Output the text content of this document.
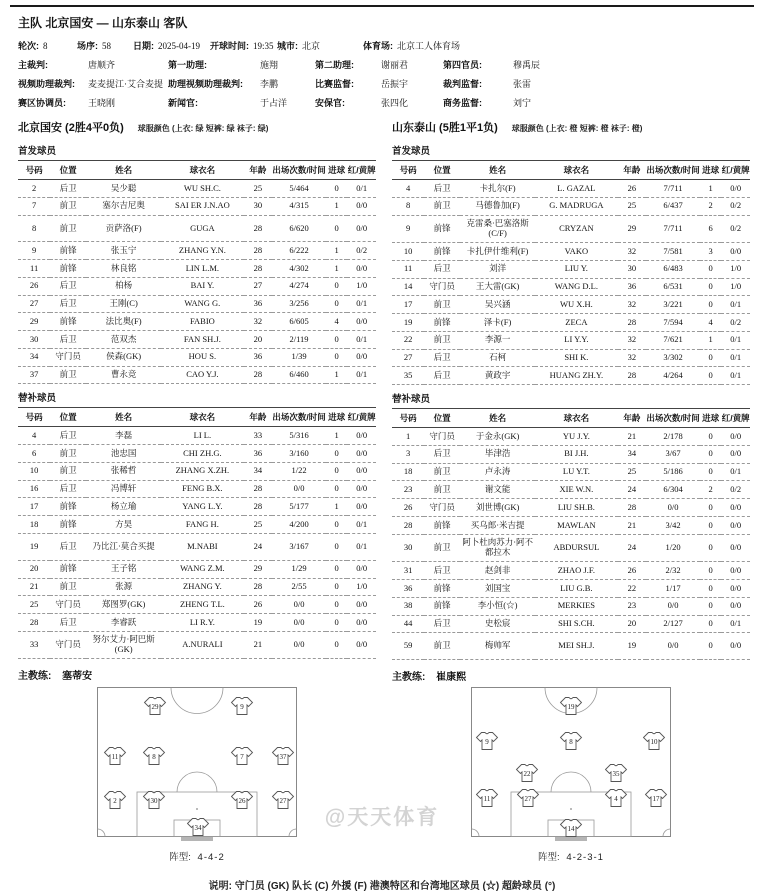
主队 北京国安 — 山东泰山 客队
轮次: 8	场序: 58	日期: 2025-04-19	开球时间: 19:35 城市: 北京	体育场: 北京工人体育场
主裁判:	唐顺齐	第一助理:	施翔	第二助理:	谢丽君	第四官员:	穆禹辰
视频助理裁判:	麦麦提江·艾合麦提 助理视频助理裁判:	李鹏	比赛监督:	岳振宇	裁判监督:	张雷
赛区协调员:	王晓刚	新闻官:	于占洋	安保官:	张四化	商务监督:	刘宁
北京国安 (2胜4平0负) 球服颜色 (上衣: 绿 短裤: 绿 袜子: 绿)	山东泰山 (5胜1平1负) 球服颜色 (上衣: 橙 短裤: 橙 袜子: 橙)
首发球员
号码	位置	姓名	球衣名	年龄	出场次数/时间	进球	红/黄牌
2	后卫	吴少聪	WU SH.C.	25	5/464	0	0/1
7	前卫	塞尔吉尼奥	SAI ER J.N.AO	30	4/315	1	0/0
8	前卫	贡萨洛(F)	GUGA	28	6/620	0	0/0
9	前锋	张玉宁	ZHANG Y.N.	28	6/222	1	0/2
11	前锋	林良铭	LIN L.M.	28	4/302	1	0/0
26	后卫	柏杨	BAI Y.	27	4/274	0	1/0
27	后卫	王刚(C)	WANG G.	36	3/256	0	0/1
29	前锋	法比奥(F)	FABIO	32	6/605	4	0/0
30	后卫	范双杰	FAN SH.J.	20	2/119	0	0/1
34	守门员	侯森(GK)	HOU S.	36	1/39	0	0/0
37	前卫	曹永竞	CAO Y.J.	28	6/460	1	0/1
替补球员
号码	位置	姓名	球衣名	年龄	出场次数/时间	进球	红/黄牌
4	后卫	李磊	LI L.	33	5/316	1	0/0
6	前卫	池忠国	CHI ZH.G.	36	3/160	0	0/0
10	前卫	张稀哲	ZHANG X.ZH.	34	1/22	0	0/0
16	后卫	冯博轩	FENG B.X.	28	0/0	0	0/0
17	前锋	杨立瑜	YANG L.Y.	28	5/177	1	0/0
18	前锋	方昊	FANG H.	25	4/200	0	0/1
19	后卫	乃比江·莫合买提	M.NABI	24	3/167	0	0/1
20	前锋	王子铭	WANG Z.M.	29	1/29	0	0/0
21	前卫	张源	ZHANG Y.	28	2/55	0	1/0
25	守门员	郑图罗(GK)	ZHENG T.L.	26	0/0	0	0/0
28	后卫	李睿跃	LI R.Y.	19	0/0	0	0/0
33	守门员	努尔艾力·阿巴斯(GK)	A.NURALI	21	0/0	0	0/0
主教练: 塞蒂安
首发球员
号码	位置	姓名	球衣名	年龄	出场次数/时间	进球	红/黄牌
4	后卫	卡扎尔(F)	L. GAZAL	26	7/711	1	0/0
8	前卫	马德鲁加(F)	G. MADRUGA	25	6/437	2	0/2
9	前锋	克雷桑·巴塞洛斯(C/F)	CRYZAN	29	7/711	6	0/2
10	前锋	卡扎伊什维利(F)	VAKO	32	7/581	3	0/0
11	后卫	刘洋	LIU Y.	30	6/483	0	1/0
14	守门员	王大雷(GK)	WANG D.L.	36	6/531	0	1/0
17	前卫	吴兴涵	WU X.H.	32	3/221	0	0/1
19	前锋	泽卡(F)	ZECA	28	7/594	4	0/2
22	前卫	李源一	LI Y.Y.	32	7/621	1	0/1
27	后卫	石柯	SHI K.	32	3/302	0	0/1
35	后卫	黄政宇	HUANG ZH.Y.	28	4/264	0	0/1
替补球员
号码	位置	姓名	球衣名	年龄	出场次数/时间	进球	红/黄牌
1	守门员	于金永(GK)	YU J.Y.	21	2/178	0	0/0
3	后卫	毕津浩	BI J.H.	34	3/67	0	0/0
18	前卫	卢永涛	LU Y.T.	25	5/186	0	0/1
23	前卫	谢文能	XIE W.N.	24	6/304	2	0/2
26	守门员	刘世博(GK)	LIU SH.B.	28	0/0	0	0/0
28	前锋	买乌郎·米吉提	MAWLAN	21	3/42	0	0/0
30	前卫	阿卜杜肉苏力·阿不都拉木	ABDURSUL	24	1/20	0	0/0
31	后卫	赵剑非	ZHAO J.F.	26	2/32	0	0/0
36	前锋	刘国宝	LIU G.B.	22	1/17	0	0/0
38	前锋	李小恒(☆)	MERKIES	23	0/0	0	0/0
44	后卫	史松宸	SHI S.CH.	20	2/127	0	0/1
59	前卫	梅帅军	MEI SH.J.	19	0/0	0	0/0
主教练: 崔康熙
29	9
11	8	7	37
2	30	26	27
34
阵型: 4-4-2
19
9	8	10
22	35
11	27	4	17
14
阵型: 4-2-3-1
说明: 守门员 (GK) 队长 (C) 外援 (F) 港澳特区和台湾地区球员 (☆) 超龄球员 (°)
@天天体育
